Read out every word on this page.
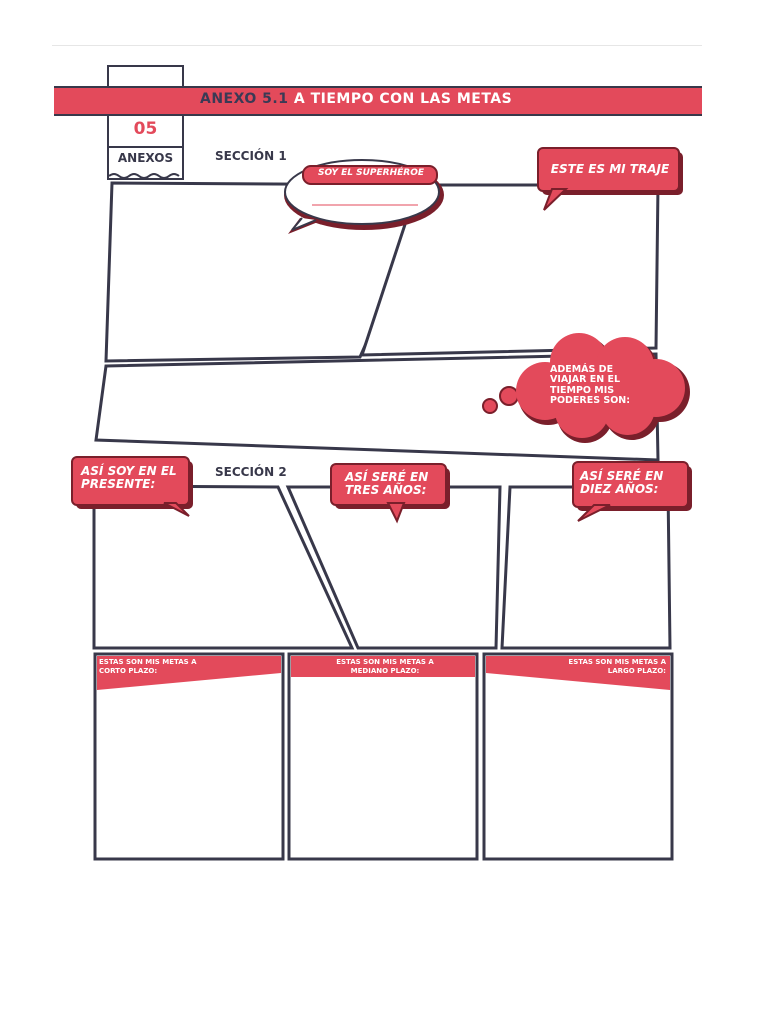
ANEXO 5.1 A TIEMPO CON LAS METAS
05
ANEXOS	SECCIÓN 1
SECCIÓN 2
SOY EL SUPERHÉROE	ESTE ES MI TRAJE
ADEMÁS DE VIAJAR EN EL TIEMPO MIS PODERES SON:
ASÍ SOY EN EL PRESENTE:
ASÍ SERÉ EN TRES AÑOS:
ASÍ SERÉ EN DIEZ AÑOS:
ESTAS SON MIS METAS A CORTO PLAZO:
ESTAS SON MIS METAS A MEDIANO PLAZO:
ESTAS SON MIS METAS A LARGO PLAZO:
